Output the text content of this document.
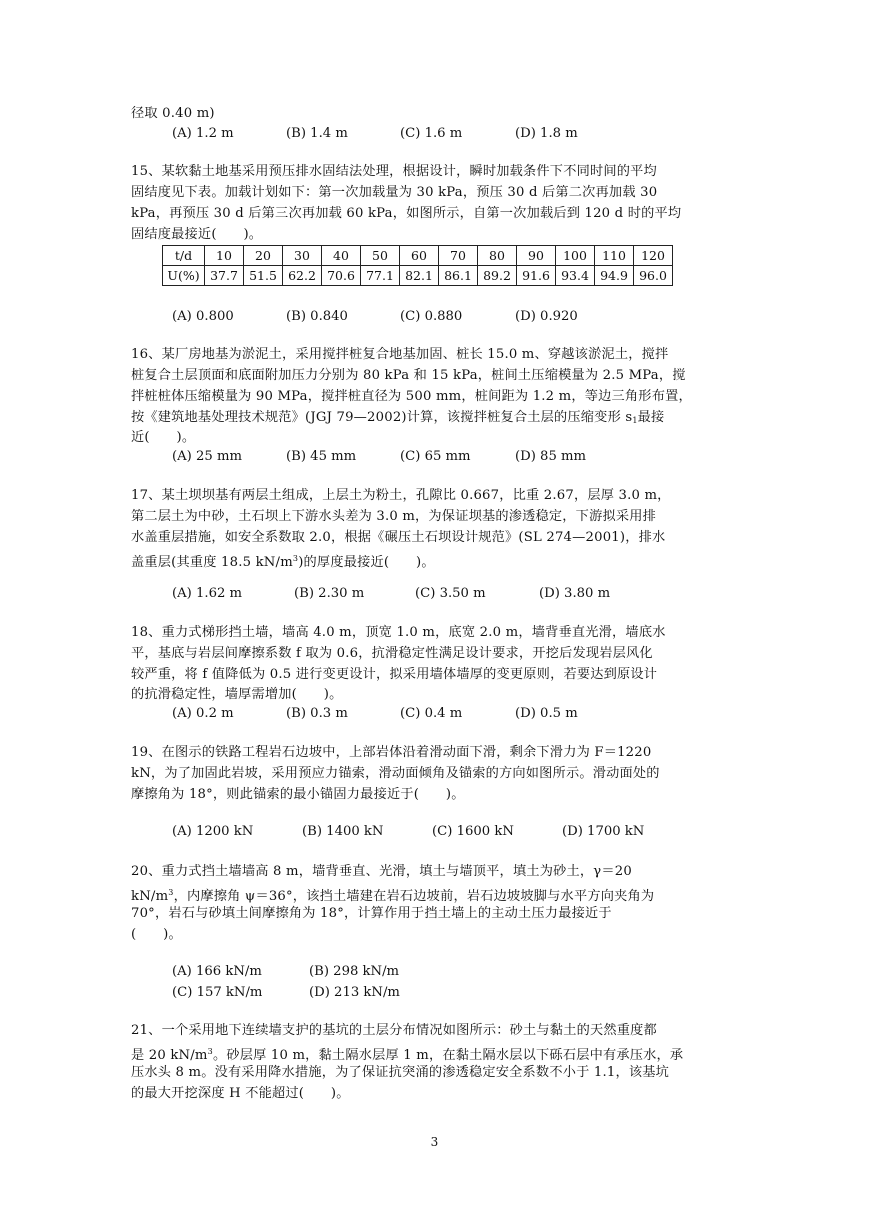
径取 0.40 m)
(A) 1.2 m	(B) 1.4 m	(C) 1.6 m	(D) 1.8 m
15、某软黏土地基采用预压排水固结法处理，根据设计，瞬时加载条件下不同时间的平均
固结度见下表。加载计划如下：第一次加载量为 30 kPa，预压 30 d 后第二次再加载 30
kPa，再预压 30 d 后第三次再加载 60 kPa，如图所示，自第一次加载后到 120 d 时的平均
固结度最接近(　　)。
t/d	10	20	30	40	50	60	70	80	90	100	110	120
U(%)	37.7	51.5	62.2	70.6	77.1	82.1	86.1	89.2	91.6	93.4	94.9	96.0
(A) 0.800	(B) 0.840	(C) 0.880	(D) 0.920
16、某厂房地基为淤泥土，采用搅拌桩复合地基加固、桩长 15.0 m、穿越该淤泥土，搅拌
桩复合土层顶面和底面附加压力分别为 80 kPa 和 15 kPa，桩间土压缩模量为 2.5 MPa，搅
拌桩桩体压缩模量为 90 MPa，搅拌桩直径为 500 mm，桩间距为 1.2 m，等边三角形布置，
按《建筑地基处理技术规范》(JGJ 79—2002)计算，该搅拌桩复合土层的压缩变形 $s_1$最接
近(　　)。
(A) 25 mm	(B) 45 mm	(C) 65 mm	(D) 85 mm
17、某土坝坝基有两层土组成，上层土为粉土，孔隙比 0.667，比重 2.67，层厚 3.0 m，
第二层土为中砂，土石坝上下游水头差为 3.0 m，为保证坝基的渗透稳定，下游拟采用排
水盖重层措施，如安全系数取 2.0，根据《碾压土石坝设计规范》(SL 274—2001)，排水
盖重层(其重度 18.5 $kN/m^3$)的厚度最接近(　　)。
(A) 1.62 m	(B) 2.30 m	(C) 3.50 m	(D) 3.80 m
18、重力式梯形挡土墙，墙高 4.0 m，顶宽 1.0 m，底宽 2.0 m，墙背垂直光滑，墙底水
平，基底与岩层间摩擦系数 f 取为 0.6，抗滑稳定性满足设计要求，开挖后发现岩层风化
较严重，将 f 值降低为 0.5 进行变更设计，拟采用墙体墙厚的变更原则，若要达到原设计
的抗滑稳定性，墙厚需增加(　　)。
(A) 0.2 m	(B) 0.3 m	(C) 0.4 m	(D) 0.5 m
19、在图示的铁路工程岩石边坡中，上部岩体沿着滑动面下滑，剩余下滑力为 F＝1220
kN，为了加固此岩坡，采用预应力锚索，滑动面倾角及锚索的方向如图所示。滑动面处的
摩擦角为 18°，则此锚索的最小锚固力最接近于(　　)。
(A) 1200 kN	(B) 1400 kN	(C) 1600 kN	(D) 1700 kN
20、重力式挡土墙墙高 8 m，墙背垂直、光滑，填土与墙顶平，填土为砂土，γ＝20
$kN/m^3$，内摩擦角 ψ＝36°，该挡土墙建在岩石边坡前，岩石边坡坡脚与水平方向夹角为
70°，岩石与砂填土间摩擦角为 18°，计算作用于挡土墙上的主动土压力最接近于
(　　)。
(A) 166 kN/m	(B) 298 kN/m
(C) 157 kN/m	(D) 213 kN/m
21、一个采用地下连续墙支护的基坑的土层分布情况如图所示：砂土与黏土的天然重度都
是 20 $kN/m^3$。砂层厚 10 m，黏土隔水层厚 1 m，在黏土隔水层以下砾石层中有承压水，承
压水头 8 m。没有采用降水措施，为了保证抗突涌的渗透稳定安全系数不小于 1.1，该基坑
的最大开挖深度 H 不能超过(　　)。
3
